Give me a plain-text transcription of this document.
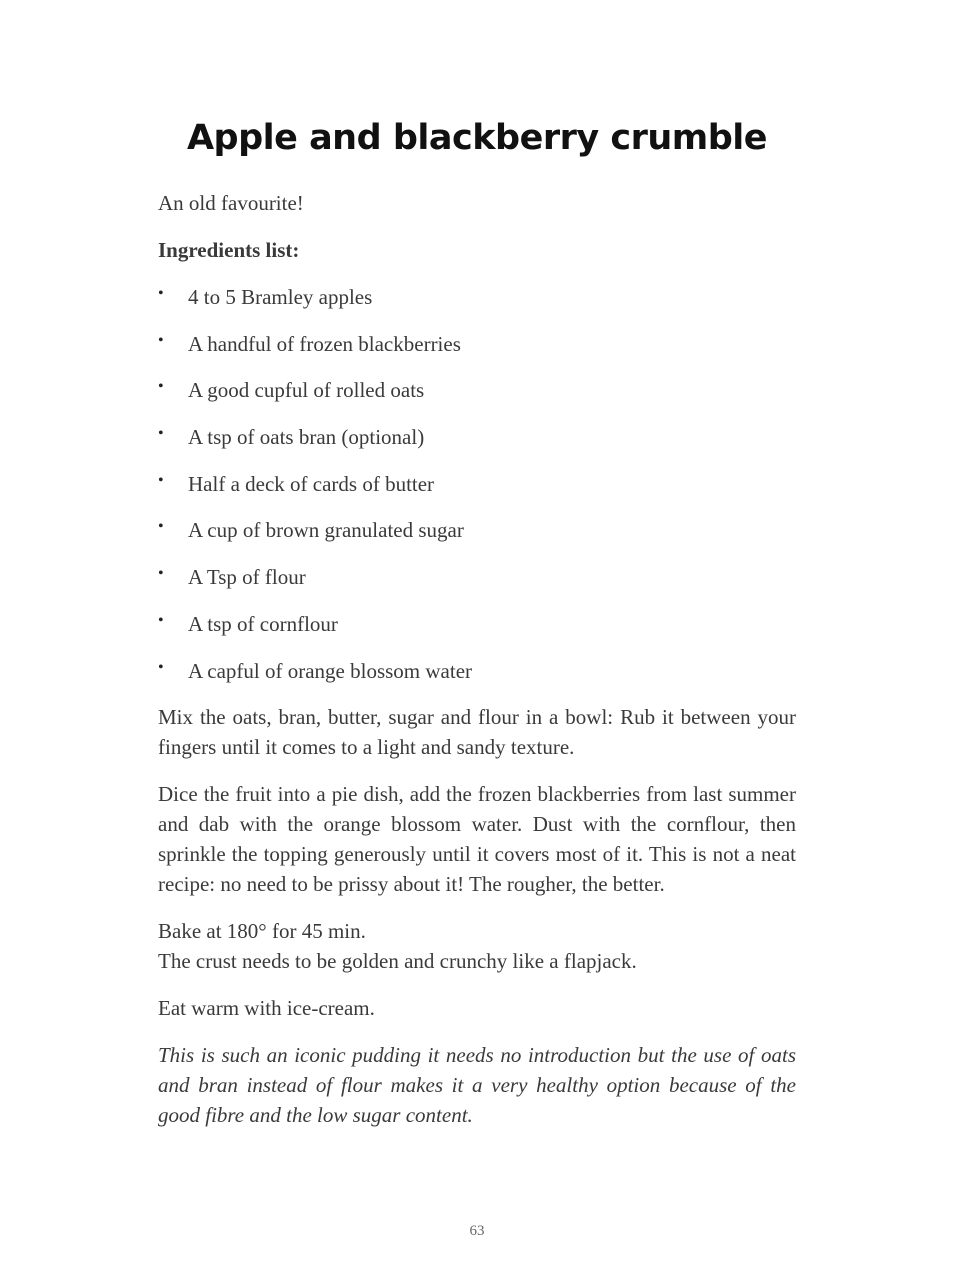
Apple and blackberry crumble

An old favourite!

Ingredients list:

• 4 to 5 Bramley apples
• A handful of frozen blackberries
• A good cupful of rolled oats
• A tsp of oats bran (optional)
• Half a deck of cards of butter
• A cup of brown granulated sugar
• A Tsp of flour
• A tsp of cornflour
• A capful of orange blossom water

Mix the oats, bran, butter, sugar and flour in a bowl: Rub it between your fingers until it comes to a light and sandy texture.

Dice the fruit into a pie dish, add the frozen blackberries from last summer and dab with the orange blossom water. Dust with the cornflour, then sprinkle the topping generously until it covers most of it. This is not a neat recipe: no need to be prissy about it! The rougher, the better.

Bake at 180° for 45 min.
The crust needs to be golden and crunchy like a flapjack.

Eat warm with ice-cream.

This is such an iconic pudding it needs no introduction but the use of oats and bran instead of flour makes it a very healthy option because of the good fibre and the low sugar content.

63
